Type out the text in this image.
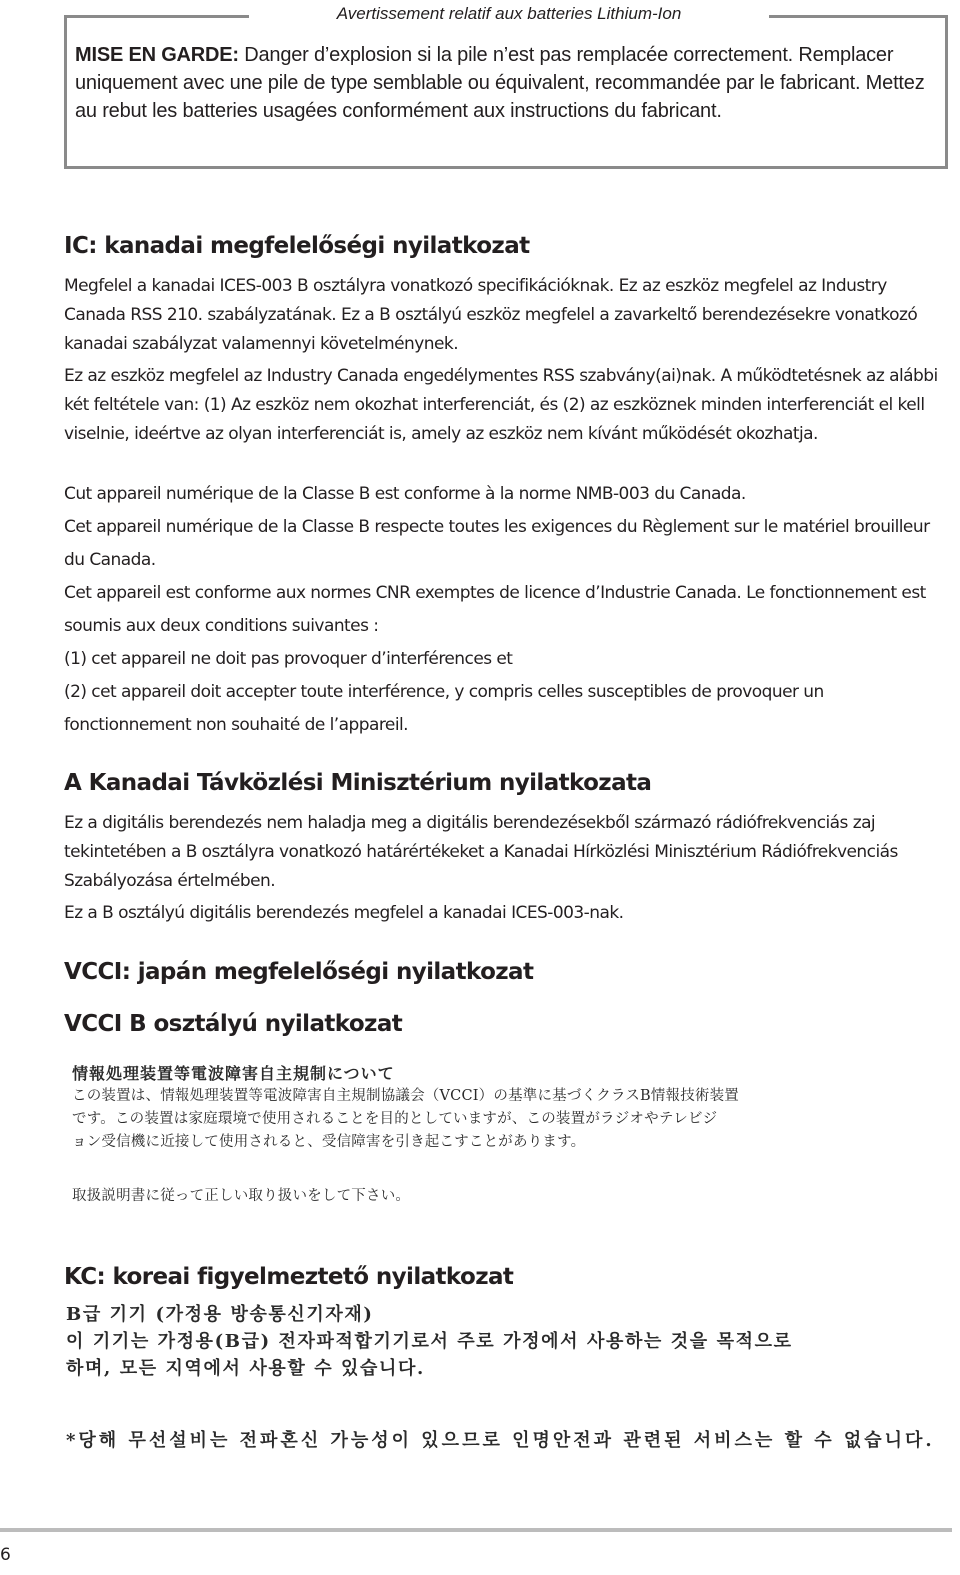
Avertissement relatif aux batteries Lithium-Ion
MISE EN GARDE: Danger d’explosion si la pile n’est pas remplacée correctement. Remplacer uniquement avec une pile de type semblable ou équivalent, recommandée par le fabricant. Mettez au rebut les batteries usagées conformément aux instructions du fabricant.
IC: kanadai megfelelőségi nyilatkozat

Megfelel a kanadai ICES-003 B osztályra vonatkozó specifikációknak. Ez az eszköz megfelel az Industry Canada RSS 210. szabályzatának. Ez a B osztályú eszköz megfelel a zavarkeltő berendezésekre vonatkozó kanadai szabályzat valamennyi követelménynek.

Ez az eszköz megfelel az Industry Canada engedélymentes RSS szabvány(ai)nak. A működtetésnek az alábbi két feltétele van: (1) Az eszköz nem okozhat interferenciát, és (2) az eszköznek minden interferenciát el kell viselnie, ideértve az olyan interferenciát is, amely az eszköz nem kívánt működését okozhatja.

Cut appareil numérique de la Classe B est conforme à la norme NMB-003 du Canada.

Cet appareil numérique de la Classe B respecte toutes les exigences du Règlement sur le matériel brouilleur du Canada.

Cet appareil est conforme aux normes CNR exemptes de licence d’Industrie Canada. Le fonctionnement est soumis aux deux conditions suivantes :

(1) cet appareil ne doit pas provoquer d’interférences et

(2) cet appareil doit accepter toute interférence, y compris celles susceptibles de provoquer un fonctionnement non souhaité de l’appareil.

A Kanadai Távközlési Minisztérium nyilatkozata

Ez a digitális berendezés nem haladja meg a digitális berendezésekből származó rádiófrekvenciás zaj tekintetében a B osztályra vonatkozó határértékeket a Kanadai Hírközlési Minisztérium Rádiófrekvenciás Szabályozása értelmében.

Ez a B osztályú digitális berendezés megfelel a kanadai ICES-003-nak.

VCCI: japán megfelelőségi nyilatkozat
VCCI B osztályú nyilatkozat
情報処理装置等電波障害自主規制について
この装置は、情報処理装置等電波障害自主規制協議会（VCCI）の基準に基づくクラスB情報技術装置
です。この装置は家庭環境で使用されることを目的としていますが、この装置がラジオやテレビジ
ョン受信機に近接して使用されると、受信障害を引き起こすことがあります。
取扱説明書に従って正しい取り扱いをして下さい。
KC: koreai figyelmeztető nyilatkozat
B급 기기 (가정용 방송통신기자재)
이 기기는 가정용(B급) 전자파적합기기로서 주로 가정에서 사용하는 것을 목적으로
하며, 모든 지역에서 사용할 수 있습니다.
*당해 무선설비는 전파혼신 가능성이 있으므로 인명안전과 관련된 서비스는 할 수 없습니다.
6
